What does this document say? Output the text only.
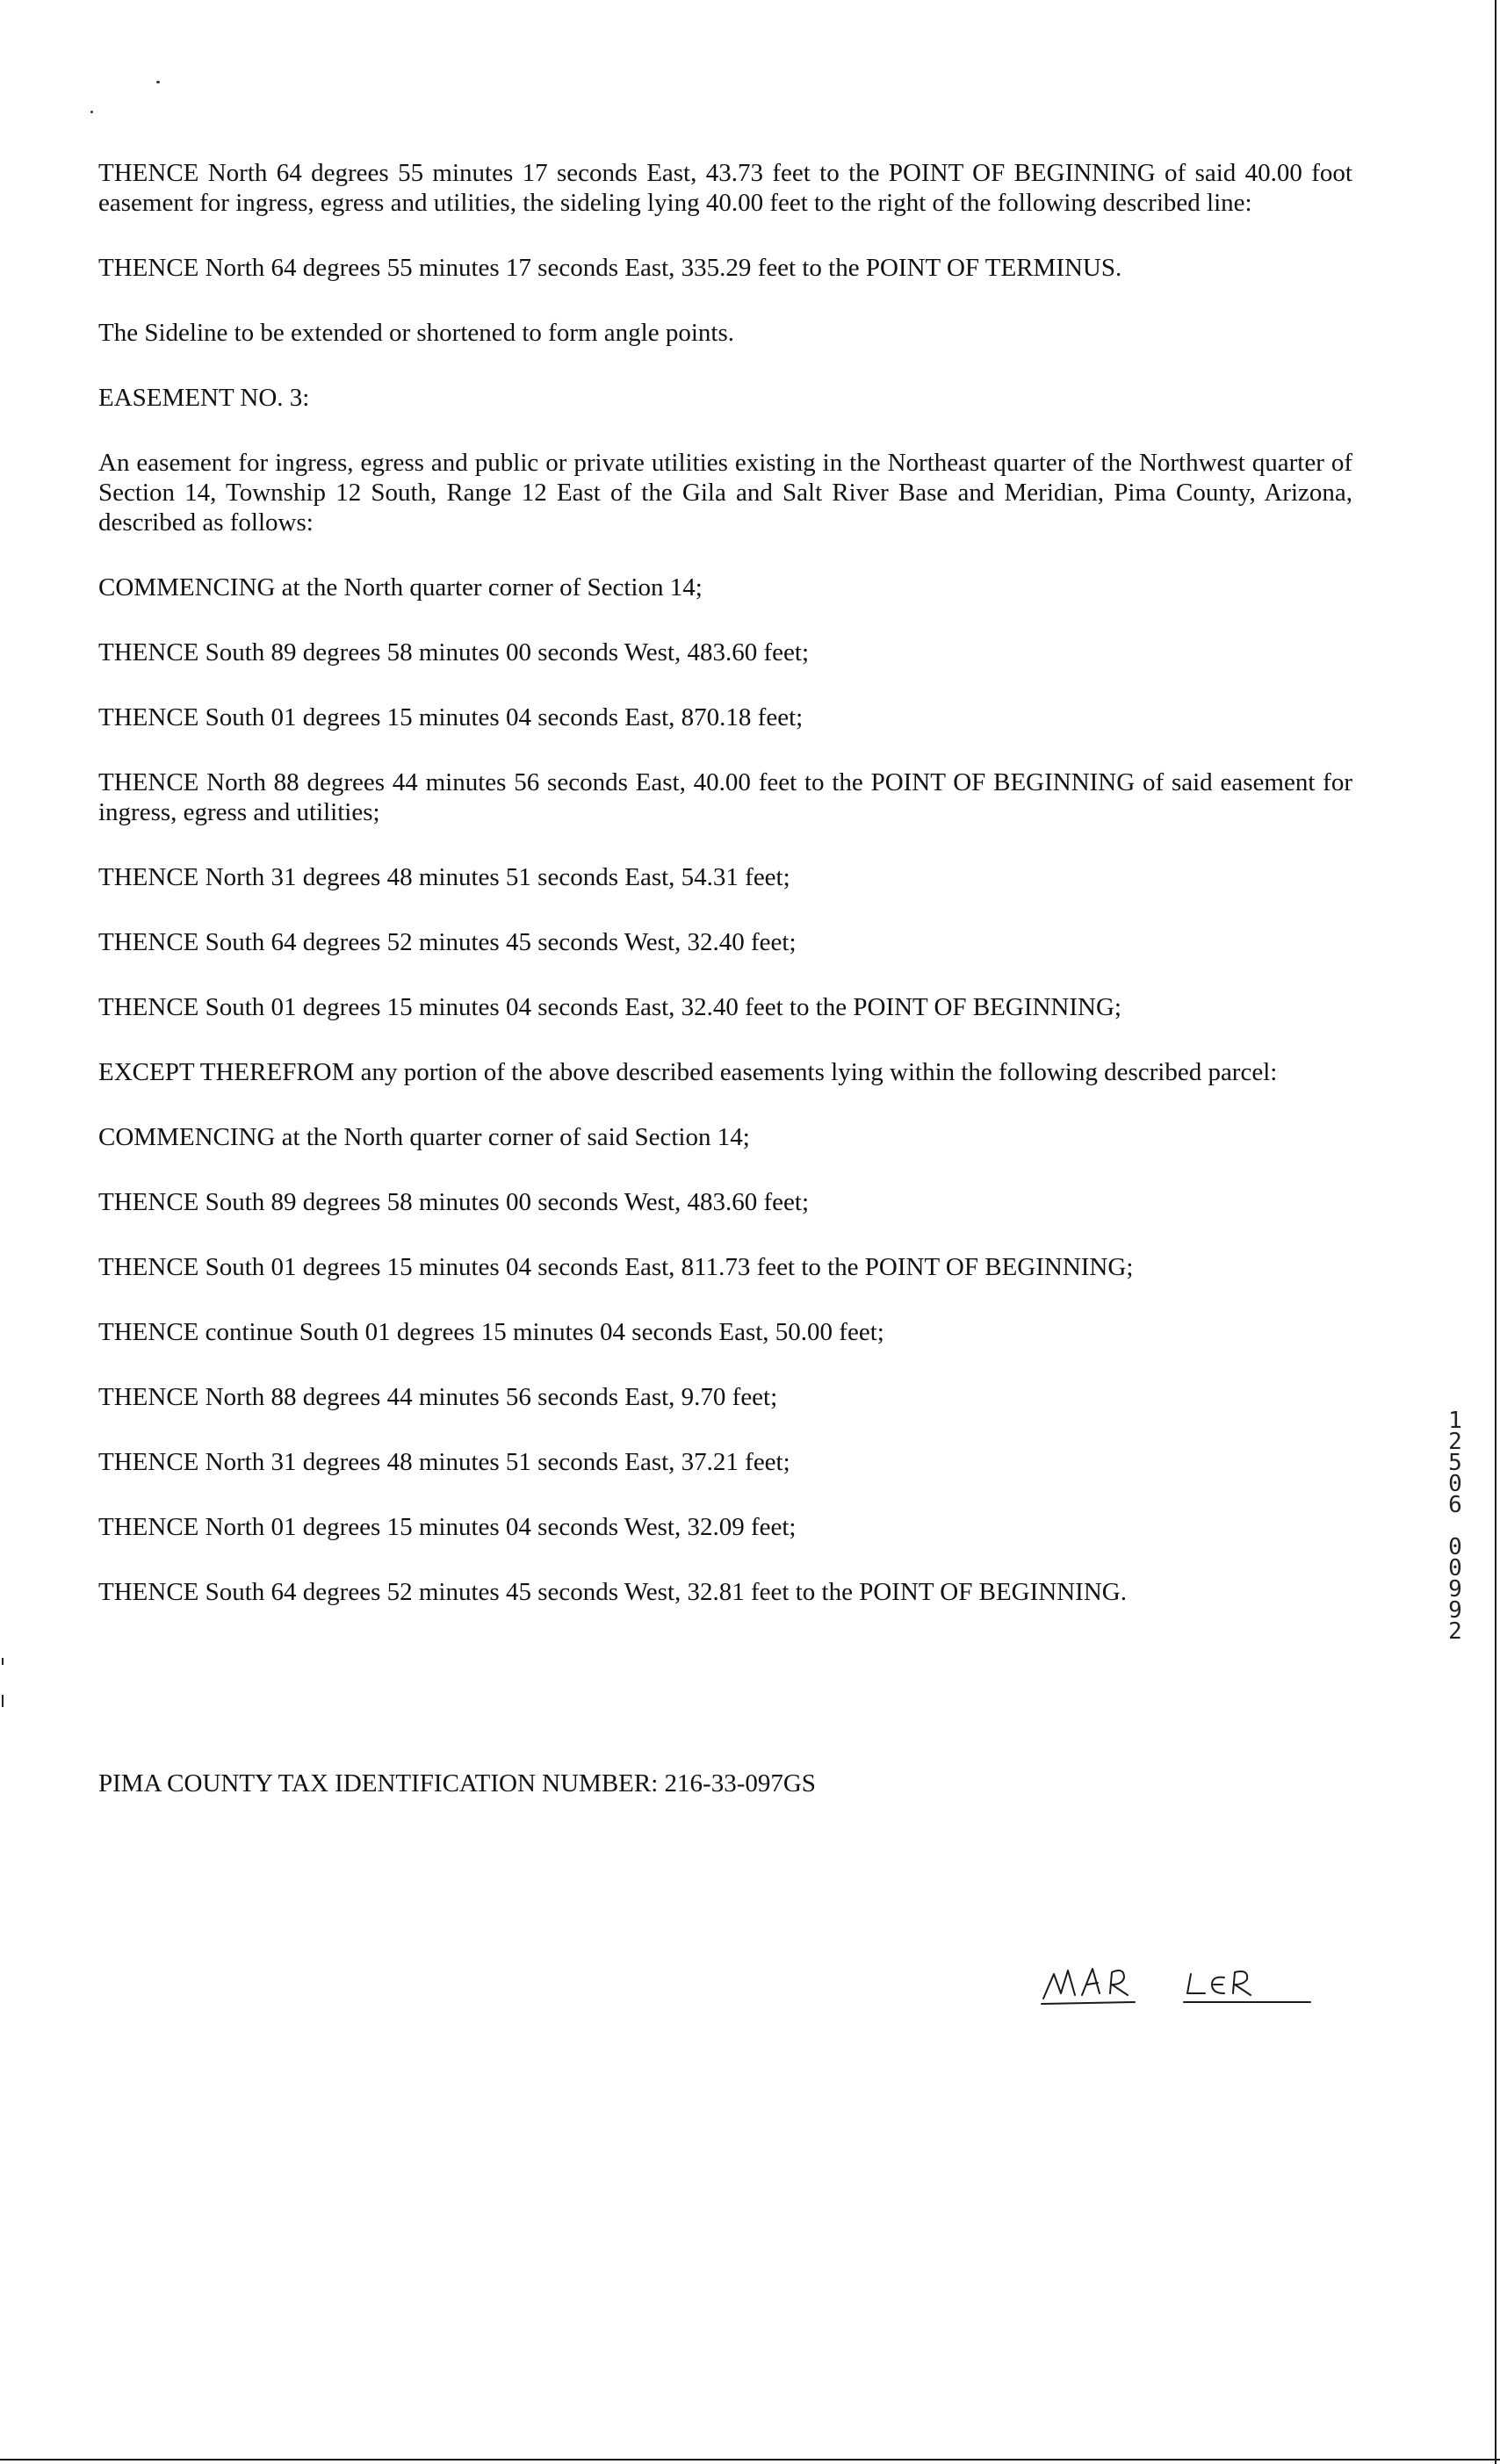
THENCE North 64 degrees 55 minutes 17 seconds East, 43.73 feet to the POINT OF BEGINNING of said 40.00 foot easement for ingress, egress and utilities, the sideling lying 40.00 feet to the right of the following described line:

THENCE North 64 degrees 55 minutes 17 seconds East, 335.29 feet to the POINT OF TERMINUS.

The Sideline to be extended or shortened to form angle points.

EASEMENT NO. 3:

An easement for ingress, egress and public or private utilities existing in the Northeast quarter of the Northwest quarter of Section 14, Township 12 South, Range 12 East of the Gila and Salt River Base and Meridian, Pima County, Arizona, described as follows:

COMMENCING at the North quarter corner of Section 14;

THENCE South 89 degrees 58 minutes 00 seconds West, 483.60 feet;

THENCE South 01 degrees 15 minutes 04 seconds East, 870.18 feet;

THENCE North 88 degrees 44 minutes 56 seconds East, 40.00 feet to the POINT OF BEGINNING of said easement for ingress, egress and utilities;

THENCE North 31 degrees 48 minutes 51 seconds East, 54.31 feet;

THENCE South 64 degrees 52 minutes 45 seconds West, 32.40 feet;

THENCE South 01 degrees 15 minutes 04 seconds East, 32.40 feet to the POINT OF BEGINNING;

EXCEPT THEREFROM any portion of the above described easements lying within the following described parcel:

COMMENCING at the North quarter corner of said Section 14;

THENCE South 89 degrees 58 minutes 00 seconds West, 483.60 feet;

THENCE South 01 degrees 15 minutes 04 seconds East, 811.73 feet to the POINT OF BEGINNING;

THENCE continue South 01 degrees 15 minutes 04 seconds East, 50.00 feet;

THENCE North 88 degrees 44 minutes 56 seconds East, 9.70 feet;

THENCE North 31 degrees 48 minutes 51 seconds East, 37.21 feet;

THENCE North 01 degrees 15 minutes 04 seconds West, 32.09 feet;

THENCE South 64 degrees 52 minutes 45 seconds West, 32.81 feet to the POINT OF BEGINNING.

PIMA COUNTY TAX IDENTIFICATION NUMBER: 216-33-097GS
1
2
5
0
6
0
0
9
9
2
